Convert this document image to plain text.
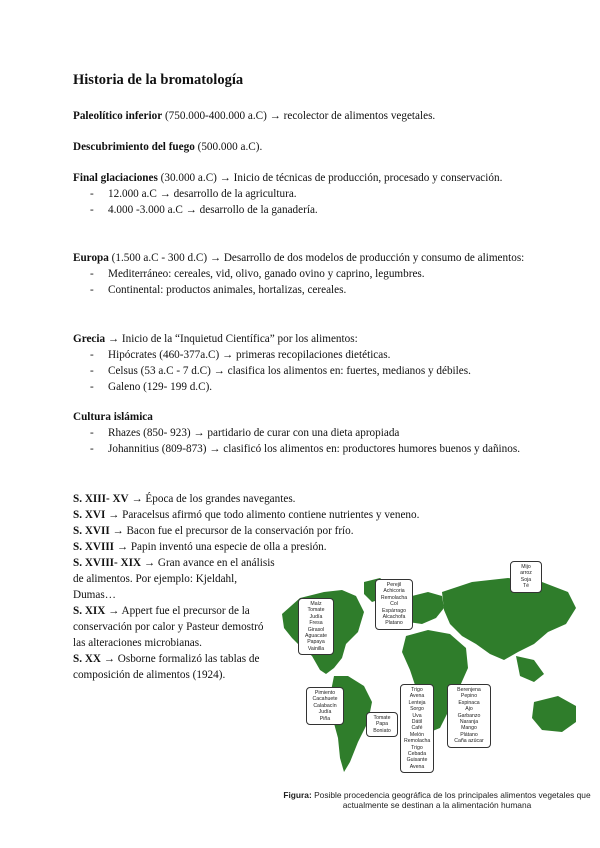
Historia de la bromatología
Paleolítico inferior (750.000-400.000 a.C) → recolector de alimentos vegetales.
Descubrimiento del fuego (500.000 a.C).
Final glaciaciones (30.000 a.C) → Inicio de técnicas de producción, procesado y conservación.
- 12.000 a.C → desarrollo de la agricultura.
- 4.000 -3.000 a.C → desarrollo de la ganadería.
Europa (1.500 a.C - 300 d.C) → Desarrollo de dos modelos de producción y consumo de alimentos:
- Mediterráneo: cereales, vid, olivo, ganado ovino y caprino, legumbres.
- Continental: productos animales, hortalizas, cereales.
Grecia → Inicio de la “Inquietud Científica” por los alimentos:
- Hipócrates (460-377a.C) → primeras recopilaciones dietéticas.
- Celsus (53 a.C - 7 d.C) → clasifica los alimentos en: fuertes, medianos y débiles.
- Galeno (129- 199 d.C).
Cultura islámica
- Rhazes (850- 923) → partidario de curar con una dieta apropiada
- Johannitius (809-873) → clasificó los alimentos en: productores humores buenos y dañinos.
S. XIII- XV → Época de los grandes navegantes.
S. XVI → Paracelsus afirmó que todo alimento contiene nutrientes y veneno.
S. XVII → Bacon fue el precursor de la conservación por frío.
S. XVIII → Papin inventó una especie de olla a presión.
S. XVIII- XIX → Gran avance en el análisis de alimentos. Por ejemplo: Kjeldahl, Dumas…
S. XIX → Appert fue el precursor de la conservación por calor y Pasteur demostró las alteraciones microbianas.
S. XX → Osborne formalizó las tablas de composición de alimentos (1924).
Perejil
Achicoria
Remolacha
Col
Espárrago
Alcachofa
Platano
Mijo
arroz
Soja
Té
Maíz
Tomate
Judía
Fresa
Girasol
Aguacate
Papaya
Vainilla
Pimiento
Cacahuete
Calabacín
Judía
Piña	Tomate
Papa
Boniato
Trigo
Avena
Lenteja
Sorgo
Uva
Dátil
Café
Melón
Remolacha
Trigo
Cebada
Guisante
Avena
Berenjena
Pepino
Espinaca
Ajo
Garbanzo
Naranja
Mango
Plátano
Caña azúcar
Figura: Posible procedencia geográfica de los principales alimentos vegetales que actualmente se destinan a la alimentación humana
